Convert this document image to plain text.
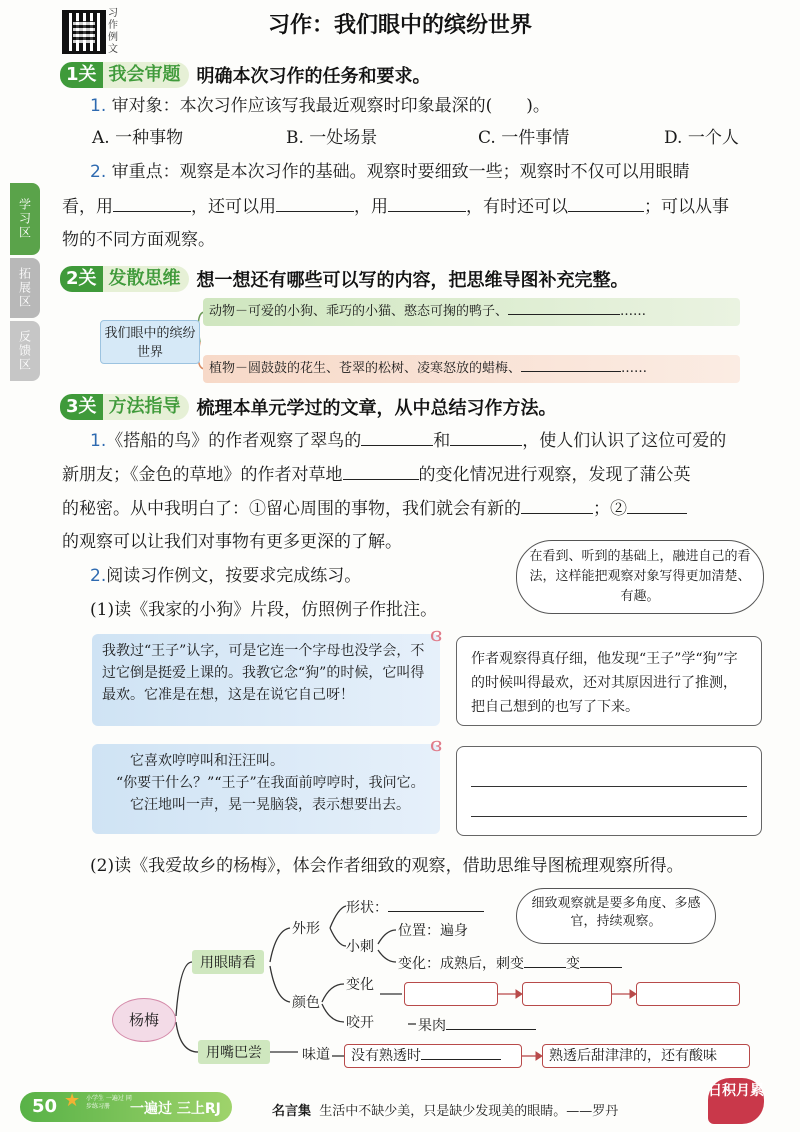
习作例文
习作：我们眼中的缤纷世界
学习区
拓展区
反馈区
1关 我会审题 明确本次习作的任务和要求。
1. 审对象：本次习作应该写我最近观察时印象最深的(　　)。
A. 一种事物	B. 一处场景	C. 一件事情	D. 一个人
2. 审重点：观察是本次习作的基础。观察时要细致一些；观察时不仅可以用眼睛
看，用	，还可以用	，用	，有时还可以	；可以从事
物的不同方面观察。
2关 发散思维 想一想还有哪些可以写的内容，把思维导图补充完整。
我们眼中的缤纷世界
动物－可爱的小狗、乖巧的小猫、憨态可掬的鸭子、	……
植物－圆鼓鼓的花生、苍翠的松树、凌寒怒放的蜡梅、	……
3关 方法指导 梳理本单元学过的文章，从中总结习作方法。
1.《搭船的鸟》的作者观察了翠鸟的	和	，使人们认识了这位可爱的
新朋友；《金色的草地》的作者对草地	的变化情况进行观察，发现了蒲公英
的秘密。从中我明白了：①留心周围的事物，我们就会有新的	；②
的观察可以让我们对事物有更多更深的了解。
2.阅读习作例文，按要求完成练习。
在看到、听到的基础上，融进自己的看法，这样能把观察对象写得更加清楚、有趣。
(1)读《我家的小狗》片段，仿照例子作批注。
我教过“王子”认字，可是它连一个字母也没学会，不过它倒是挺爱上课的。我教它念“狗”的时候，它叫得最欢。它准是在想，这是在说它自己呀！
ɞ
作者观察得真仔细，他发现“王子”学“狗”字的时候叫得最欢，还对其原因进行了推测，把自己想到的也写了下来。
它喜欢哼哼叫和汪汪叫。
“你要干什么？”“王子”在我面前哼哼时，我问它。
它汪地叫一声，晃一晃脑袋，表示想要出去。
ɞ
(2)读《我爱故乡的杨梅》，体会作者细致的观察，借助思维导图梳理观察所得。
杨梅
用眼睛看
用嘴巴尝
外形
形状：
小刺
位置：遍身
变化：成熟后，刺变	变
颜色
变化
咬开	果肉
味道	没有熟透时	熟透后甜津津的，还有酸味
细致观察就是要多角度、多感官，持续观察。
50 ★ 小学生 一遍过 同步练习册	一遍过 三上RJ	名言集 生活中不缺少美，只是缺少发现美的眼睛。——罗丹
日积月累
